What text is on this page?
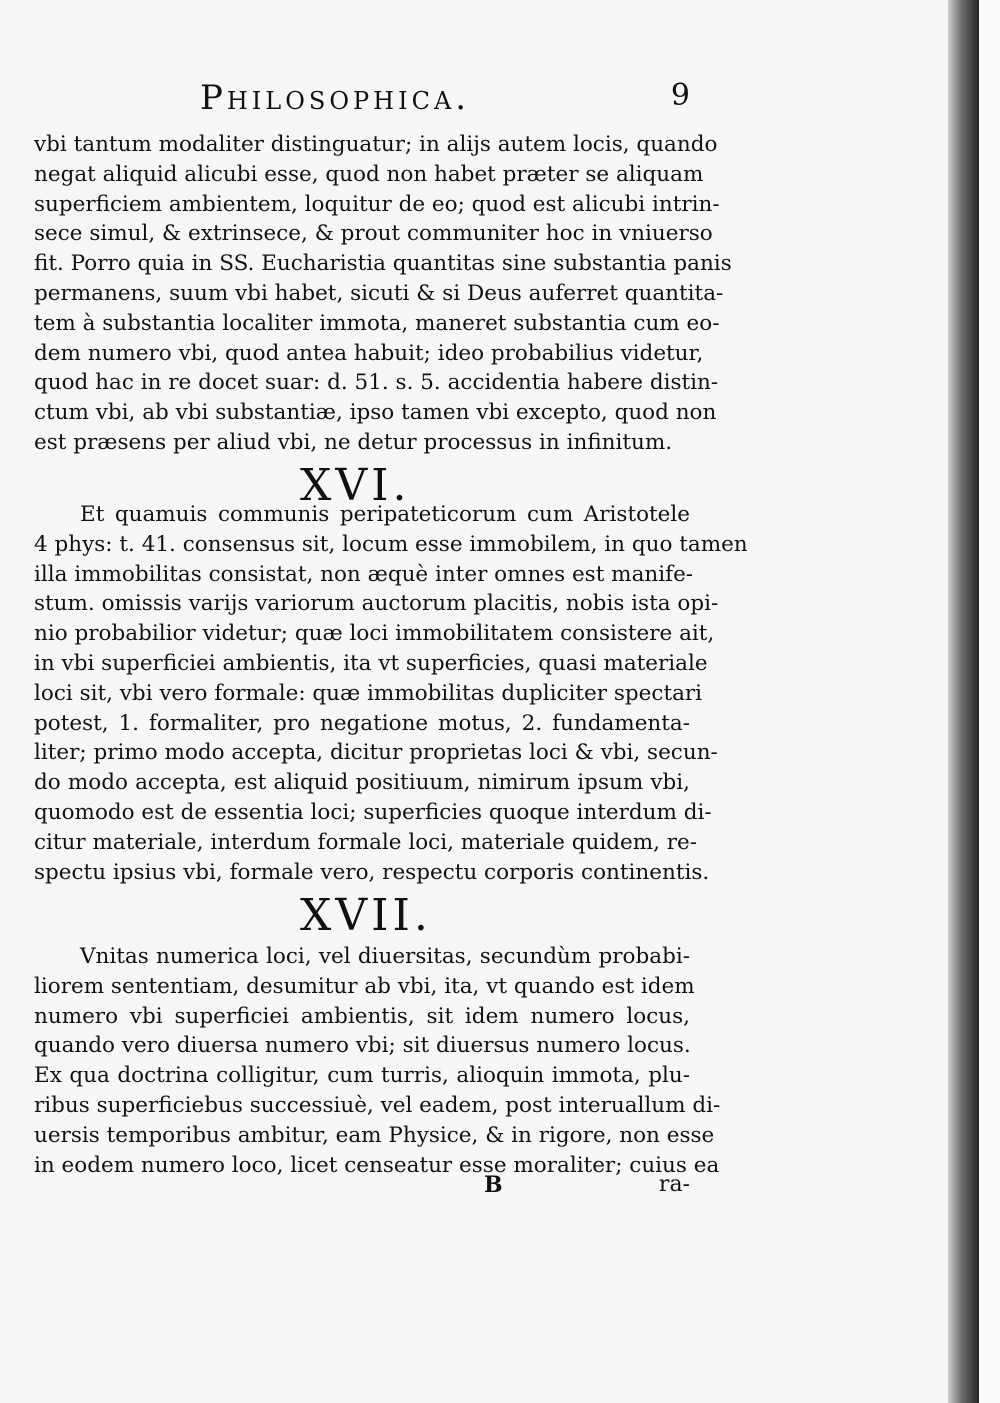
Philosophica.	9
vbi tantum modaliter distinguatur; in alijs autem locis, quando
negat aliquid alicubi esse, quod non habet præter se aliquam
superficiem ambientem, loquitur de eo; quod est alicubi intrin-
sece simul, & extrinsece, & prout communiter hoc in vniuerso
fit. Porro quia in SS. Eucharistia quantitas sine substantia panis
permanens, suum vbi habet, sicuti & si Deus auferret quantita-
tem à substantia localiter immota, maneret substantia cum eo-
dem numero vbi, quod antea habuit; ideo probabilius videtur,
quod hac in re docet suar: d. 51. s. 5. accidentia habere distin-
ctum vbi, ab vbi substantiæ, ipso tamen vbi excepto, quod non
est præsens per aliud vbi, ne detur processus in infinitum.
XVI.
Et quamuis communis peripateticorum cum Aristotele
4 phys: t. 41. consensus sit, locum esse immobilem, in quo tamen
illa immobilitas consistat, non æquè inter omnes est manife-
stum. omissis varijs variorum auctorum placitis, nobis ista opi-
nio probabilior videtur; quæ loci immobilitatem consistere ait,
in vbi superficiei ambientis, ita vt superficies, quasi materiale
loci sit, vbi vero formale: quæ immobilitas dupliciter spectari
potest, 1. formaliter, pro negatione motus, 2. fundamenta-
liter; primo modo accepta, dicitur proprietas loci & vbi, secun-
do modo accepta, est aliquid positiuum, nimirum ipsum vbi,
quomodo est de essentia loci; superficies quoque interdum di-
citur materiale, interdum formale loci, materiale quidem, re-
spectu ipsius vbi, formale vero, respectu corporis continentis.
XVII.
Vnitas numerica loci, vel diuersitas, secundùm probabi-
liorem sententiam, desumitur ab vbi, ita, vt quando est idem
numero vbi superficiei ambientis, sit idem numero locus,
quando vero diuersa numero vbi; sit diuersus numero locus.
Ex qua doctrina colligitur, cum turris, alioquin immota, plu-
ribus superficiebus successiuè, vel eadem, post interuallum di-
uersis temporibus ambitur, eam Physice, & in rigore, non esse
in eodem numero loco, licet censeatur esse moraliter; cuius ea
B	ra-
